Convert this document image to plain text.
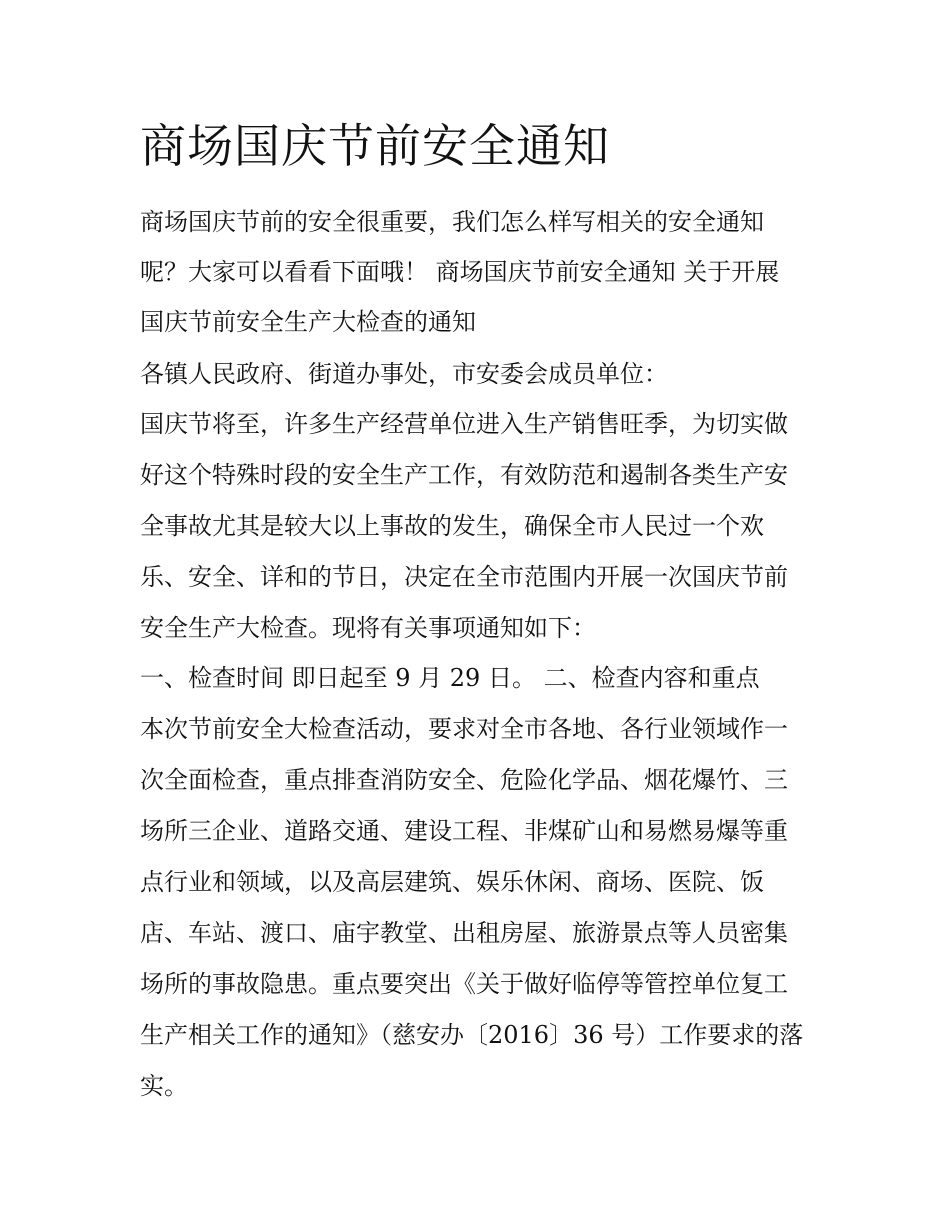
商场国庆节前安全通知
商场国庆节前的安全很重要，我们怎么样写相关的安全通知
呢？大家可以看看下面哦！ 商场国庆节前安全通知 关于开展
国庆节前安全生产大检查的通知
各镇人民政府、街道办事处，市安委会成员单位：
国庆节将至，许多生产经营单位进入生产销售旺季，为切实做
好这个特殊时段的安全生产工作，有效防范和遏制各类生产安
全事故尤其是较大以上事故的发生，确保全市人民过一个欢
乐、安全、详和的节日，决定在全市范围内开展一次国庆节前
安全生产大检查。现将有关事项通知如下：
一、检查时间 即日起至 9 月 29 日。 二、检查内容和重点
本次节前安全大检查活动，要求对全市各地、各行业领域作一
次全面检查，重点排查消防安全、危险化学品、烟花爆竹、三
场所三企业、道路交通、建设工程、非煤矿山和易燃易爆等重
点行业和领域，以及高层建筑、娱乐休闲、商场、医院、饭
店、车站、渡口、庙宇教堂、出租房屋、旅游景点等人员密集
场所的事故隐患。重点要突出《关于做好临停等管控单位复工
生产相关工作的通知》（慈安办〔2016〕36 号）工作要求的落
实。
